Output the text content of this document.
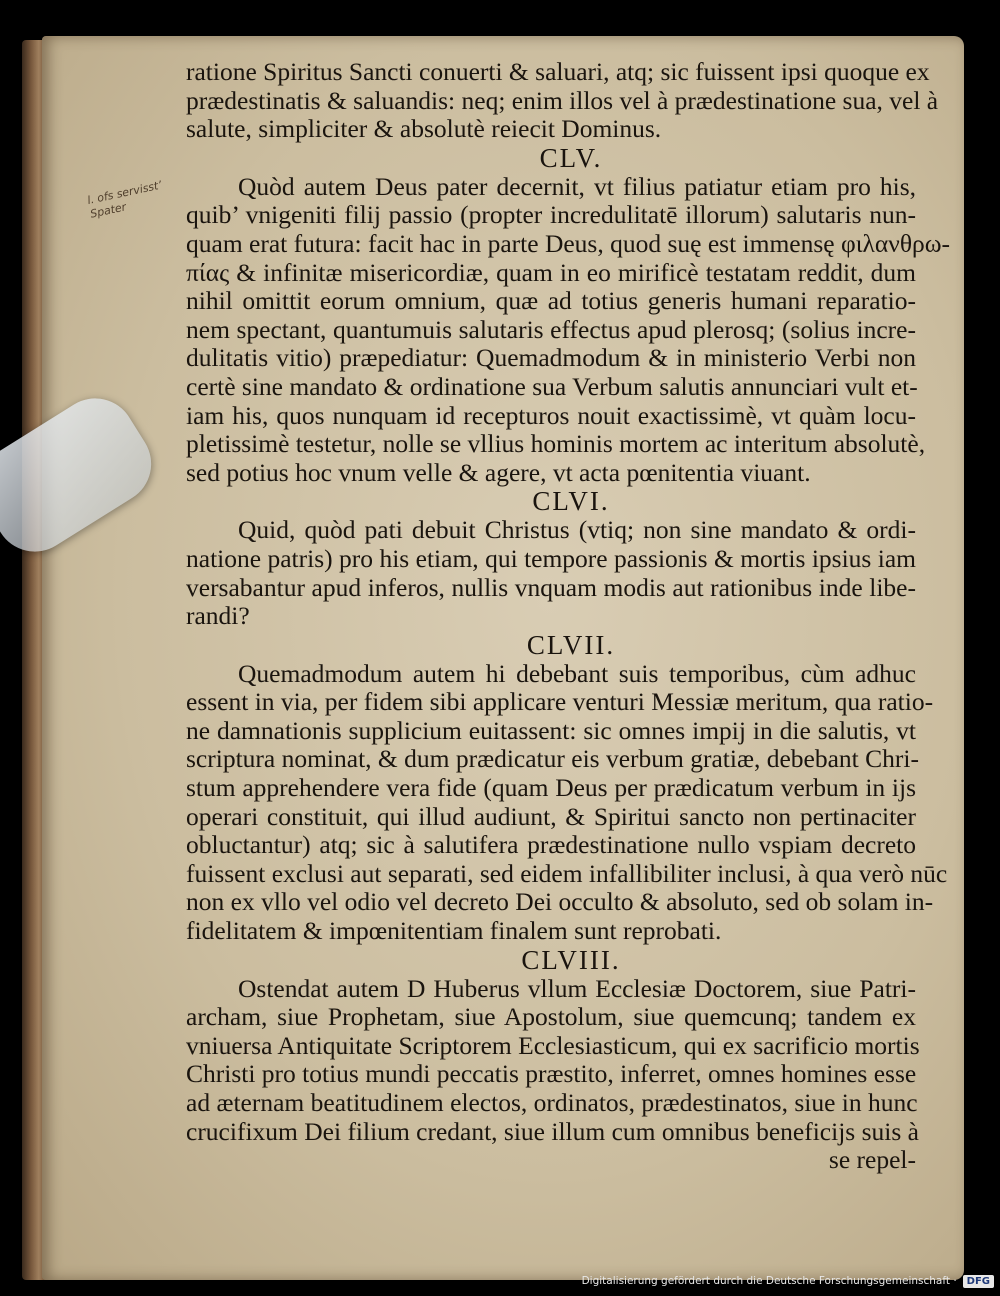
l. ofs servisst’ Spater
ratione Spiritus Sancti conuerti & saluari, atq; sic fuissent ipsi quoque ex
prædestinatis & saluandis: neq; enim illos vel à prædestinatione sua, vel à
salute, simpliciter & absolutè reiecit Dominus.
CLV.
Quòd autem Deus pater decernit, vt filius patiatur etiam pro his,
quib’ vnigeniti filij passio (propter incredulitatē illorum) salutaris nun-
quam erat futura: facit hac in parte Deus, quod suę est immensę φιλανθρω-
πίας & infinitæ misericordiæ, quam in eo mirificè testatam reddit, dum
nihil omittit eorum omnium, quæ ad totius generis humani reparatio-
nem spectant, quantumuis salutaris effectus apud plerosq; (solius incre-
dulitatis vitio) præpediatur: Quemadmodum & in ministerio Verbi non
certè sine mandato & ordinatione sua Verbum salutis annunciari vult et-
iam his, quos nunquam id recepturos nouit exactissimè, vt quàm locu-
pletissimè testetur, nolle se vllius hominis mortem ac interitum absolutè,
sed potius hoc vnum velle & agere, vt acta pœnitentia viuant.
CLVI.
Quid, quòd pati debuit Christus (vtiq; non sine mandato & ordi-
natione patris) pro his etiam, qui tempore passionis & mortis ipsius iam
versabantur apud inferos, nullis vnquam modis aut rationibus inde libe-
randi?
CLVII.
Quemadmodum autem hi debebant suis temporibus, cùm adhuc
essent in via, per fidem sibi applicare venturi Messiæ meritum, qua ratio-
ne damnationis supplicium euitassent: sic omnes impij in die salutis, vt
scriptura nominat, & dum prædicatur eis verbum gratiæ, debebant Chri-
stum apprehendere vera fide (quam Deus per prædicatum verbum in ijs
operari constituit, qui illud audiunt, & Spiritui sancto non pertinaciter
obluctantur) atq; sic à salutifera prædestinatione nullo vspiam decreto
fuissent exclusi aut separati, sed eidem infallibiliter inclusi, à qua verò nūc
non ex vllo vel odio vel decreto Dei occulto & absoluto, sed ob solam in-
fidelitatem & impœnitentiam finalem sunt reprobati.
CLVIII.
Ostendat autem D Huberus vllum Ecclesiæ Doctorem, siue Patri-
archam, siue Prophetam, siue Apostolum, siue quemcunq; tandem ex
vniuersa Antiquitate Scriptorem Ecclesiasticum, qui ex sacrificio mortis
Christi pro totius mundi peccatis præstito, inferret, omnes homines esse
ad æternam beatitudinem electos, ordinatos, prædestinatos, siue in hunc
crucifixum Dei filium credant, siue illum cum omnibus beneficijs suis à
se repel-
Digitalisierung gefördert durch die Deutsche Forschungsgemeinschaft ·	DFG
